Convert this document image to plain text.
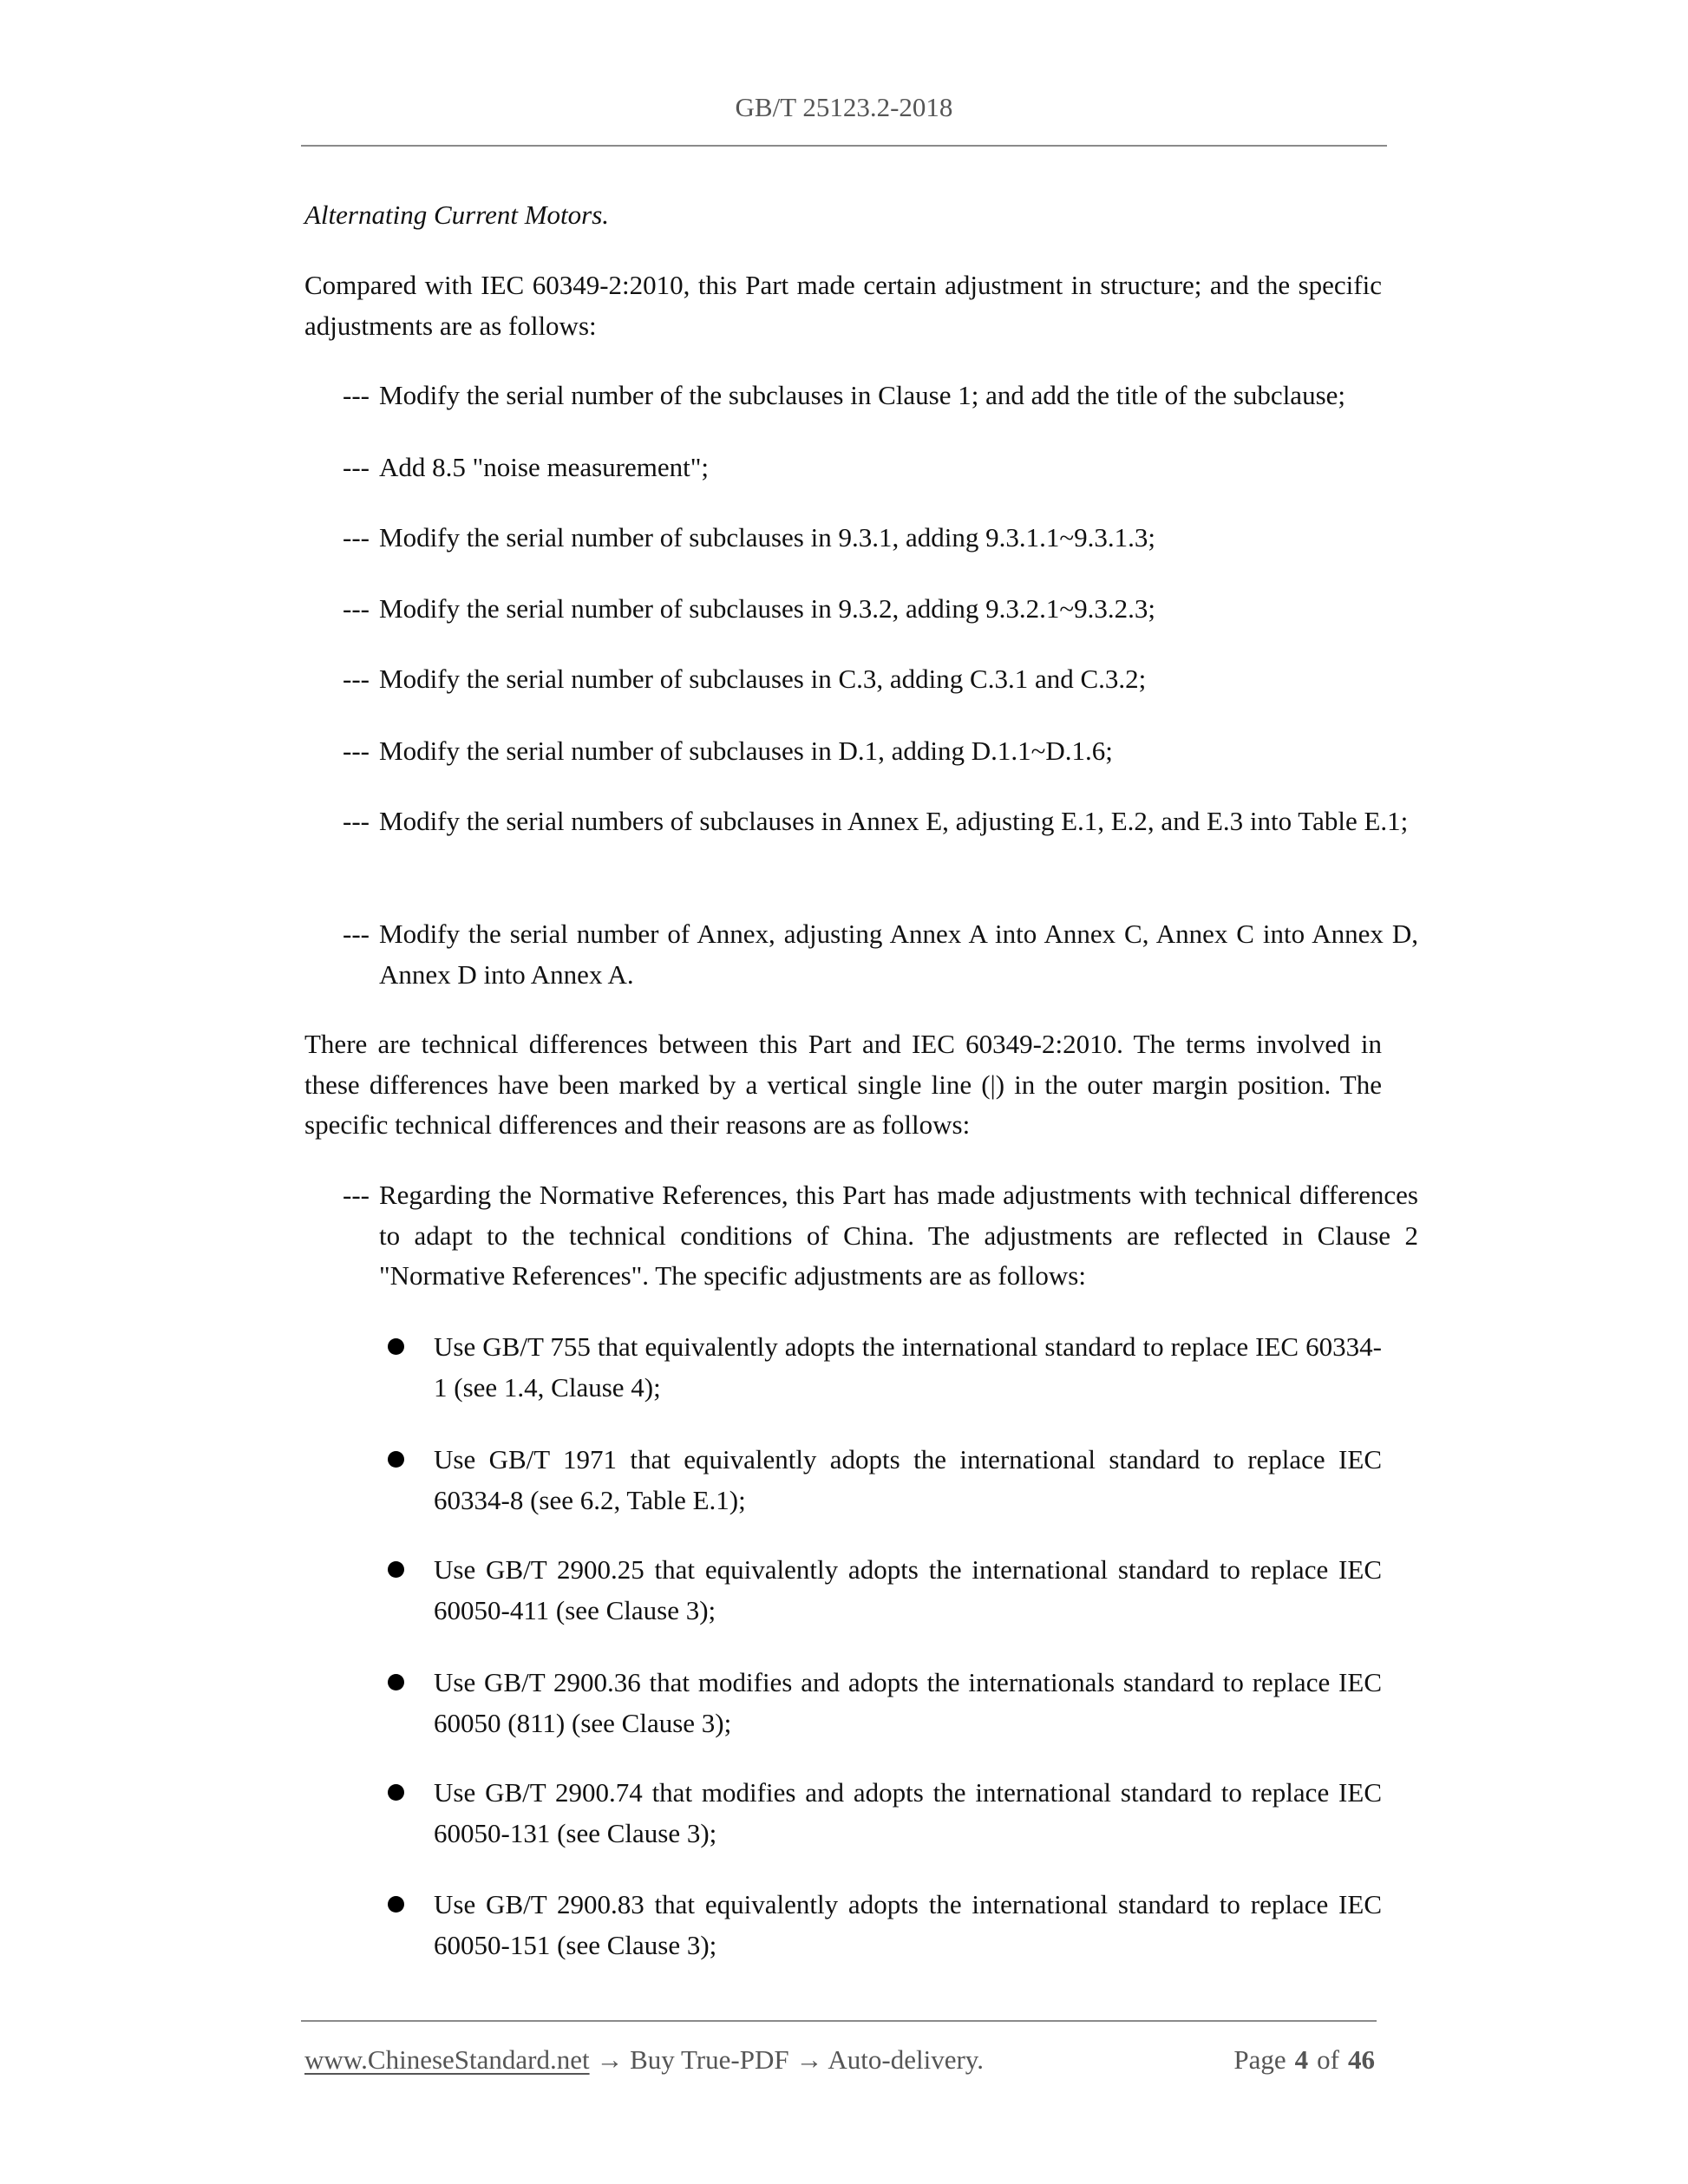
GB/T 25123.2-2018

Alternating Current Motors.

Compared with IEC 60349-2:2010, this Part made certain adjustment in structure; and the specific adjustments are as follows:

--- Modify the serial number of the subclauses in Clause 1; and add the title of the subclause;

--- Add 8.5 "noise measurement";

--- Modify the serial number of subclauses in 9.3.1, adding 9.3.1.1~9.3.1.3;

--- Modify the serial number of subclauses in 9.3.2, adding 9.3.2.1~9.3.2.3;

--- Modify the serial number of subclauses in C.3, adding C.3.1 and C.3.2;

--- Modify the serial number of subclauses in D.1, adding D.1.1~D.1.6;

--- Modify the serial numbers of subclauses in Annex E, adjusting E.1, E.2, and E.3 into Table E.1;

--- Modify the serial number of Annex, adjusting Annex A into Annex C, Annex C into Annex D, Annex D into Annex A.

There are technical differences between this Part and IEC 60349-2:2010. The terms involved in these differences have been marked by a vertical single line (|) in the outer margin position. The specific technical differences and their reasons are as follows:

--- Regarding the Normative References, this Part has made adjustments with technical differences to adapt to the technical conditions of China. The adjustments are reflected in Clause 2 "Normative References". The specific adjustments are as follows:

Use GB/T 755 that equivalently adopts the international standard to replace IEC 60334-1 (see 1.4, Clause 4);
Use GB/T 1971 that equivalently adopts the international standard to replace IEC 60334-8 (see 6.2, Table E.1);
Use GB/T 2900.25 that equivalently adopts the international standard to replace IEC 60050-411 (see Clause 3);
Use GB/T 2900.36 that modifies and adopts the internationals standard to replace IEC 60050 (811) (see Clause 3);
Use GB/T 2900.74 that modifies and adopts the international standard to replace IEC 60050-131 (see Clause 3);
Use GB/T 2900.83 that equivalently adopts the international standard to replace IEC 60050-151 (see Clause 3);
www.ChineseStandard.net → Buy True-PDF → Auto-delivery.	Page 4 of 46
